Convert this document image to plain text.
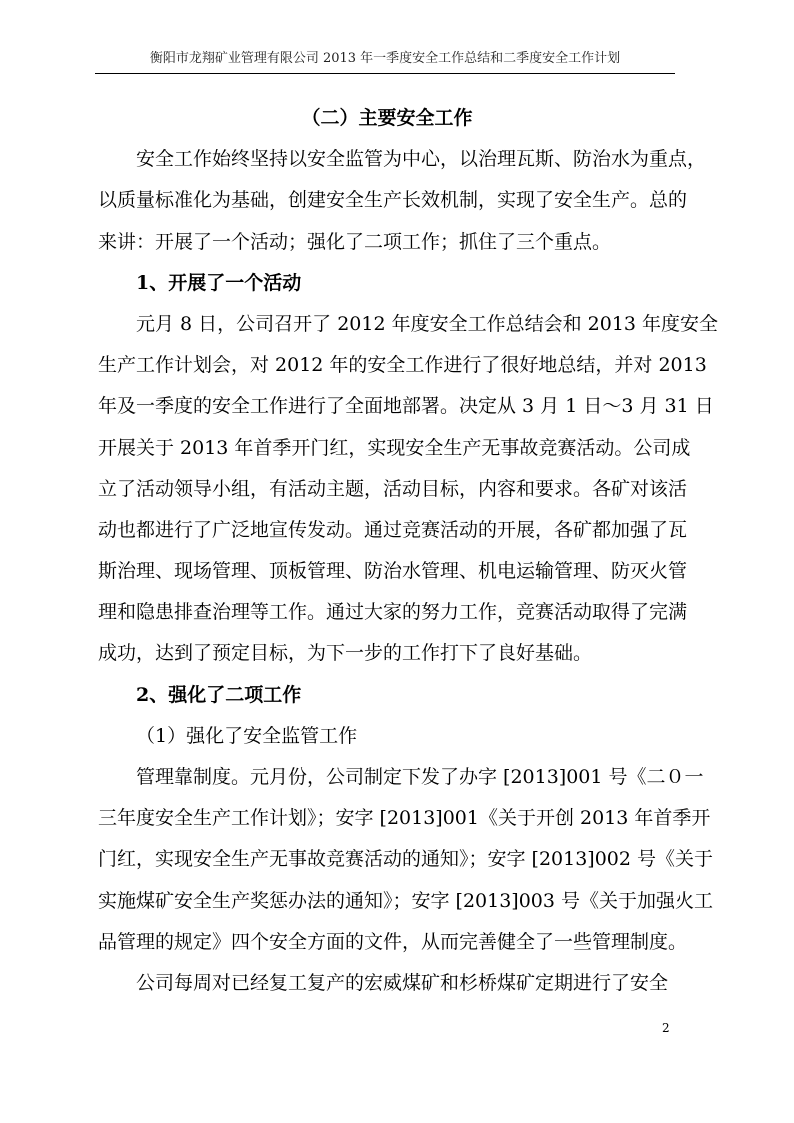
衡阳市龙翔矿业管理有限公司 2013 年一季度安全工作总结和二季度安全工作计划
（二）主要安全工作
安全工作始终坚持以安全监管为中心，以治理瓦斯、防治水为重点，
以质量标准化为基础，创建安全生产长效机制，实现了安全生产。总的
来讲：开展了一个活动；强化了二项工作；抓住了三个重点。
1、开展了一个活动
元月 8 日，公司召开了 2012 年度安全工作总结会和 2013 年度安全
生产工作计划会，对 2012 年的安全工作进行了很好地总结，并对 2013
年及一季度的安全工作进行了全面地部署。决定从 3 月 1 日～3 月 31 日
开展关于 2013 年首季开门红，实现安全生产无事故竞赛活动。公司成
立了活动领导小组，有活动主题，活动目标，内容和要求。各矿对该活
动也都进行了广泛地宣传发动。通过竞赛活动的开展，各矿都加强了瓦
斯治理、现场管理、顶板管理、防治水管理、机电运输管理、防灭火管
理和隐患排查治理等工作。通过大家的努力工作，竞赛活动取得了完满
成功，达到了预定目标，为下一步的工作打下了良好基础。
2、强化了二项工作
（1）强化了安全监管工作
管理靠制度。元月份，公司制定下发了办字 [2013]001 号《二０一
三年度安全生产工作计划》；安字 [2013]001《关于开创 2013 年首季开
门红，实现安全生产无事故竞赛活动的通知》；安字 [2013]002 号《关于
实施煤矿安全生产奖惩办法的通知》；安字 [2013]003 号《关于加强火工
品管理的规定》四个安全方面的文件，从而完善健全了一些管理制度。
公司每周对已经复工复产的宏威煤矿和杉桥煤矿定期进行了安全
2
